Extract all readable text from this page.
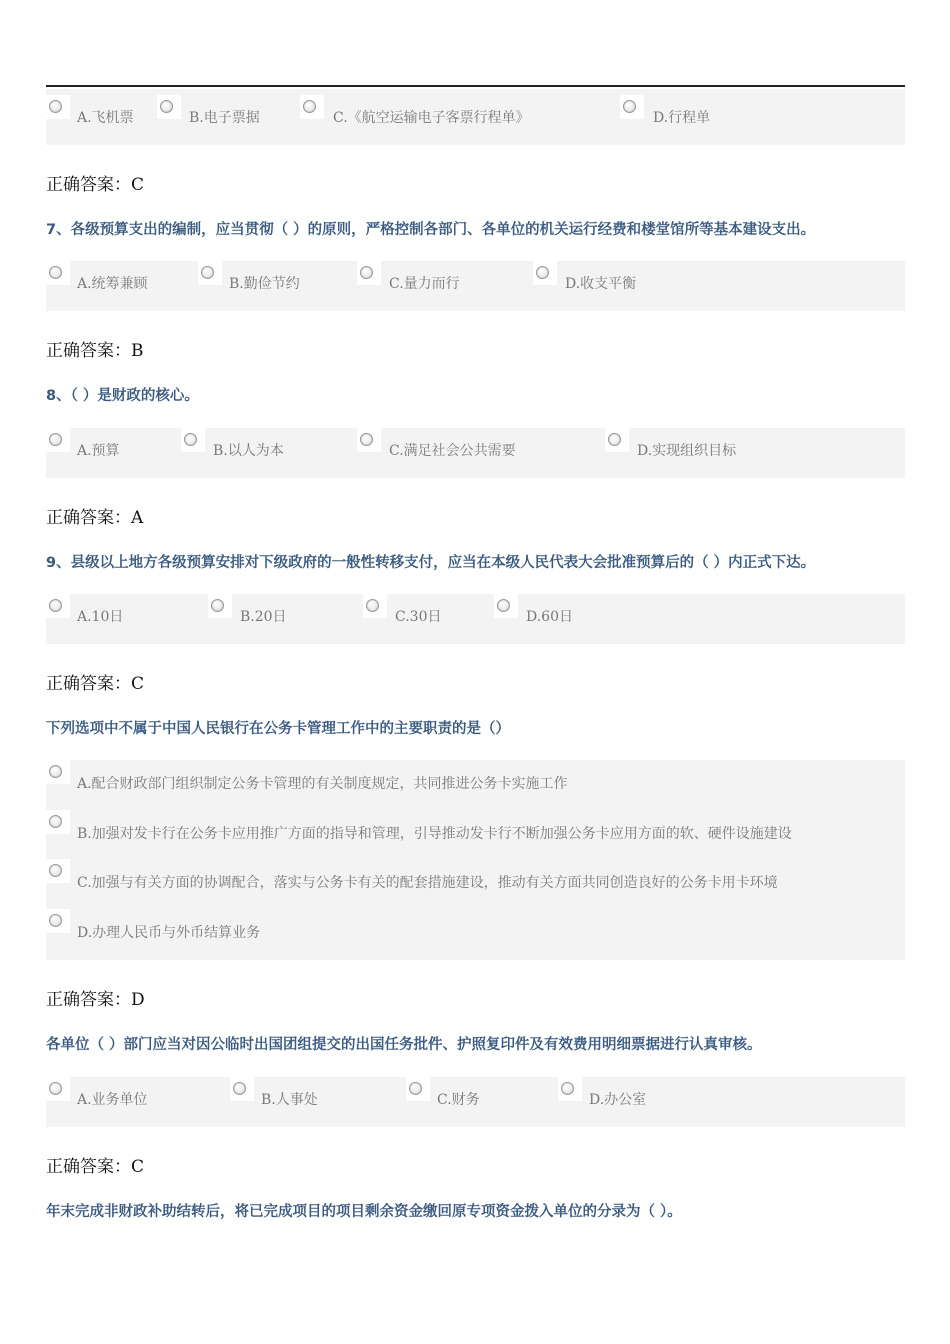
A.飞机票	B.电子票据	C.《航空运输电子客票行程单》	D.行程单
正确答案：C
7、各级预算支出的编制，应当贯彻（ ）的原则，严格控制各部门、各单位的机关运行经费和楼堂馆所等基本建设支出。
A.统筹兼顾	B.勤俭节约	C.量力而行	D.收支平衡
正确答案：B
8、（ ）是财政的核心。
A.预算	B.以人为本	C.满足社会公共需要	D.实现组织目标
正确答案：A
9、县级以上地方各级预算安排对下级政府的一般性转移支付，应当在本级人民代表大会批准预算后的（ ）内正式下达。
A.10日	B.20日	C.30日	D.60日
正确答案：C
下列选项中不属于中国人民银行在公务卡管理工作中的主要职责的是（）
A.配合财政部门组织制定公务卡管理的有关制度规定，共同推进公务卡实施工作
B.加强对发卡行在公务卡应用推广方面的指导和管理，引导推动发卡行不断加强公务卡应用方面的软、硬件设施建设
C.加强与有关方面的协调配合，落实与公务卡有关的配套措施建设，推动有关方面共同创造良好的公务卡用卡环境
D.办理人民币与外币结算业务
正确答案：D
各单位（ ）部门应当对因公临时出国团组提交的出国任务批件、护照复印件及有效费用明细票据进行认真审核。
A.业务单位	B.人事处	C.财务	D.办公室
正确答案：C
年末完成非财政补助结转后，将已完成项目的项目剩余资金缴回原专项资金拨入单位的分录为（ ）。
